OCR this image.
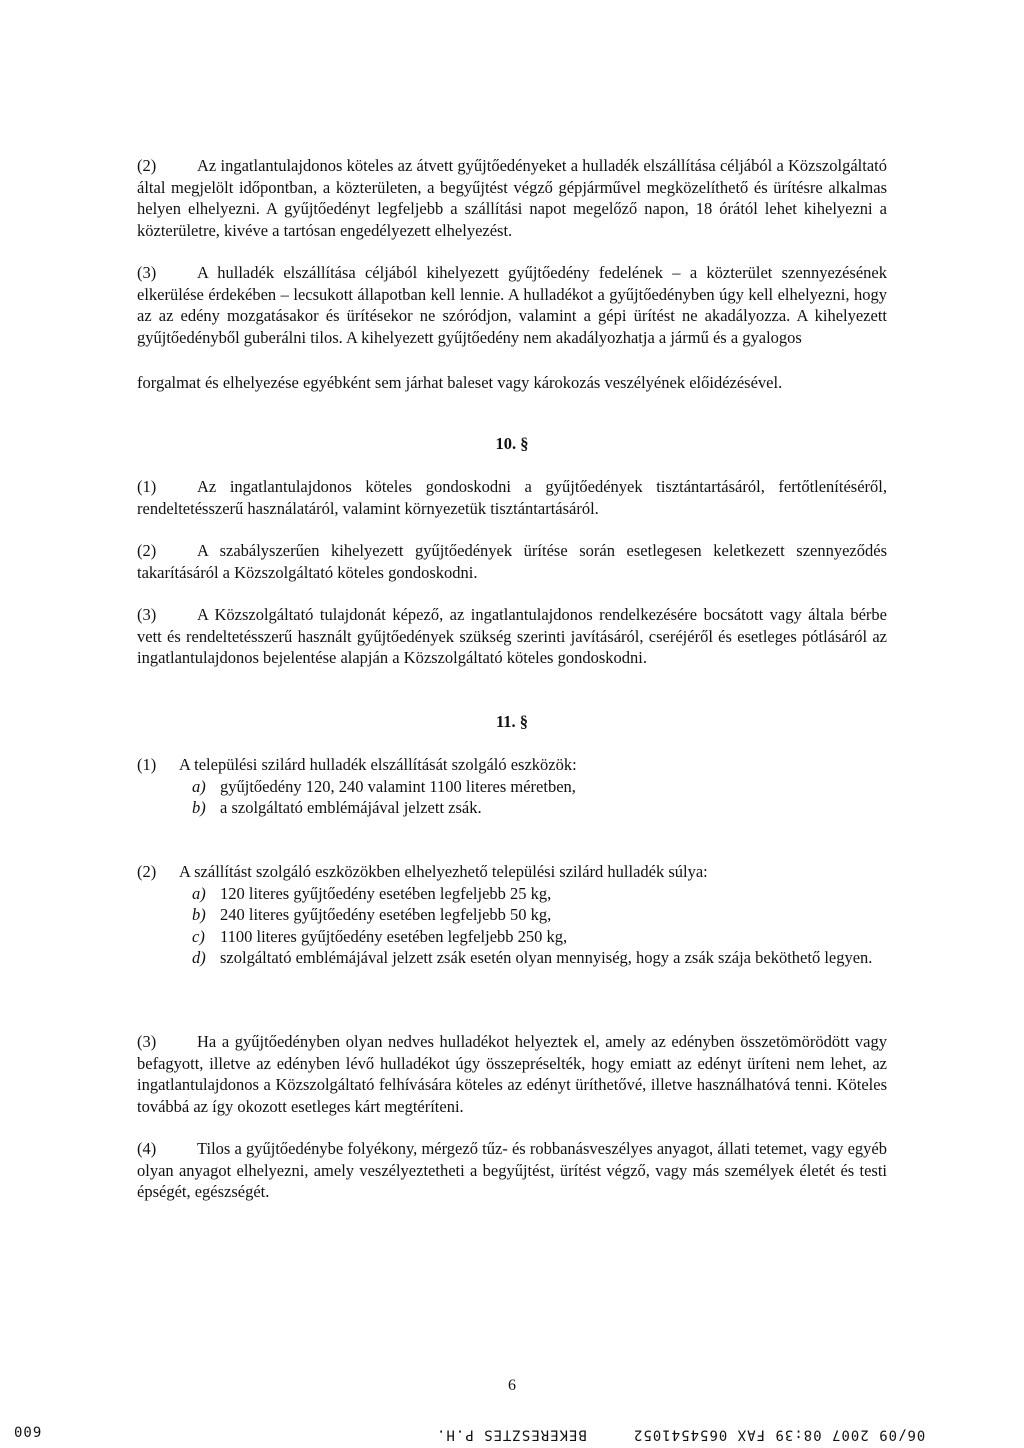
(2) Az ingatlantulajdonos köteles az átvett gyűjtőedényeket a hulladék elszállítása céljából a Közszolgáltató által megjelölt időpontban, a közterületen, a begyűjtést végző gépjárművel megközelíthető és ürítésre alkalmas helyen elhelyezni. A gyűjtőedényt legfeljebb a szállítási napot megelőző napon, 18 órától lehet kihelyezni a közterületre, kivéve a tartósan engedélyezett elhelyezést.

(3) A hulladék elszállítása céljából kihelyezett gyűjtőedény fedelének – a közterület szennyezésének elkerülése érdekében – lecsukott állapotban kell lennie. A hulladékot a gyűjtőedényben úgy kell elhelyezni, hogy az az edény mozgatásakor és ürítésekor ne szóródjon, valamint a gépi ürítést ne akadályozza. A kihelyezett gyűjtőedényből guberálni tilos. A kihelyezett gyűjtőedény nem akadályozhatja a jármű és a gyalogos

forgalmat és elhelyezése egyébként sem járhat baleset vagy károkozás veszélyének előidézésével.

10. §

(1) Az ingatlantulajdonos köteles gondoskodni a gyűjtőedények tisztántartásáról, fertőtlenítéséről, rendeltetésszerű használatáról, valamint környezetük tisztántartásáról.

(2) A szabályszerűen kihelyezett gyűjtőedények ürítése során esetlegesen keletkezett szennyeződés takarításáról a Közszolgáltató köteles gondoskodni.

(3) A Közszolgáltató tulajdonát képező, az ingatlantulajdonos rendelkezésére bocsátott vagy általa bérbe vett és rendeltetésszerű használt gyűjtőedények szükség szerinti javításáról, cseréjéről és esetleges pótlásáról az ingatlantulajdonos bejelentése alapján a Közszolgáltató köteles gondoskodni.

11. §
(1)	A települési szilárd hulladék elszállítását szolgáló eszközök:
a) gyűjtőedény 120, 240 valamint 1100 literes méretben,
b) a szolgáltató emblémájával jelzett zsák.
(2)	A szállítást szolgáló eszközökben elhelyezhető települési szilárd hulladék súlya:
a) 120 literes gyűjtőedény esetében legfeljebb 25 kg,
b) 240 literes gyűjtőedény esetében legfeljebb 50 kg,
c) 1100 literes gyűjtőedény esetében legfeljebb 250 kg,
d) szolgáltató emblémájával jelzett zsák esetén olyan mennyiség, hogy a zsák szája beköthető legyen.

(3) Ha a gyűjtőedényben olyan nedves hulladékot helyeztek el, amely az edényben összetömörödött vagy befagyott, illetve az edényben lévő hulladékot úgy összepréselték, hogy emiatt az edényt üríteni nem lehet, az ingatlantulajdonos a Közszolgáltató felhívására köteles az edényt üríthetővé, illetve használhatóvá tenni. Köteles továbbá az így okozott esetleges kárt megtéríteni.

(4) Tilos a gyűjtőedénybe folyékony, mérgező tűz- és robbanásveszélyes anyagot, állati tetemet, vagy egyéb olyan anyagot elhelyezni, amely veszélyeztetheti a begyűjtést, ürítést végző, vagy más személyek életét és testi épségét, egészségét.

6
009	BEKERESZTES P.H.	06/09 2007 08:39 FAX 0654541052
